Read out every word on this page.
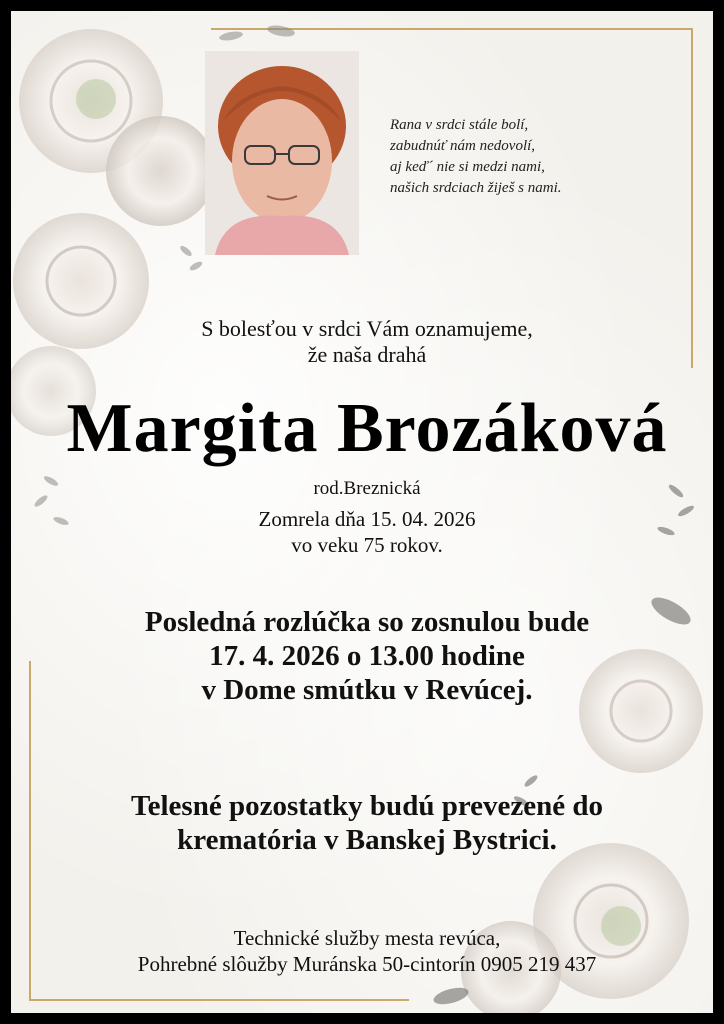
Rana v srdci stále bolí,
zabudnúť nám nedovolí,
aj keď´ nie si medzi nami,
našich srdciach žiješ s nami.
S bolesťou v srdci Vám oznamujeme,
že naša drahá
Margita Brozáková
rod.Breznická
Zomrela dňa 15. 04. 2026
vo veku 75 rokov.
Posledná rozlúčka so zosnulou bude
17. 4. 2026 o 13.00 hodine
v Dome smútku v Revúcej.
Telesné pozostatky budú prevezené do
krematória v Banskej Bystrici.
Technické služby mesta revúca,
Pohrebné slôužby Muránska 50-cintorín 0905 219 437
